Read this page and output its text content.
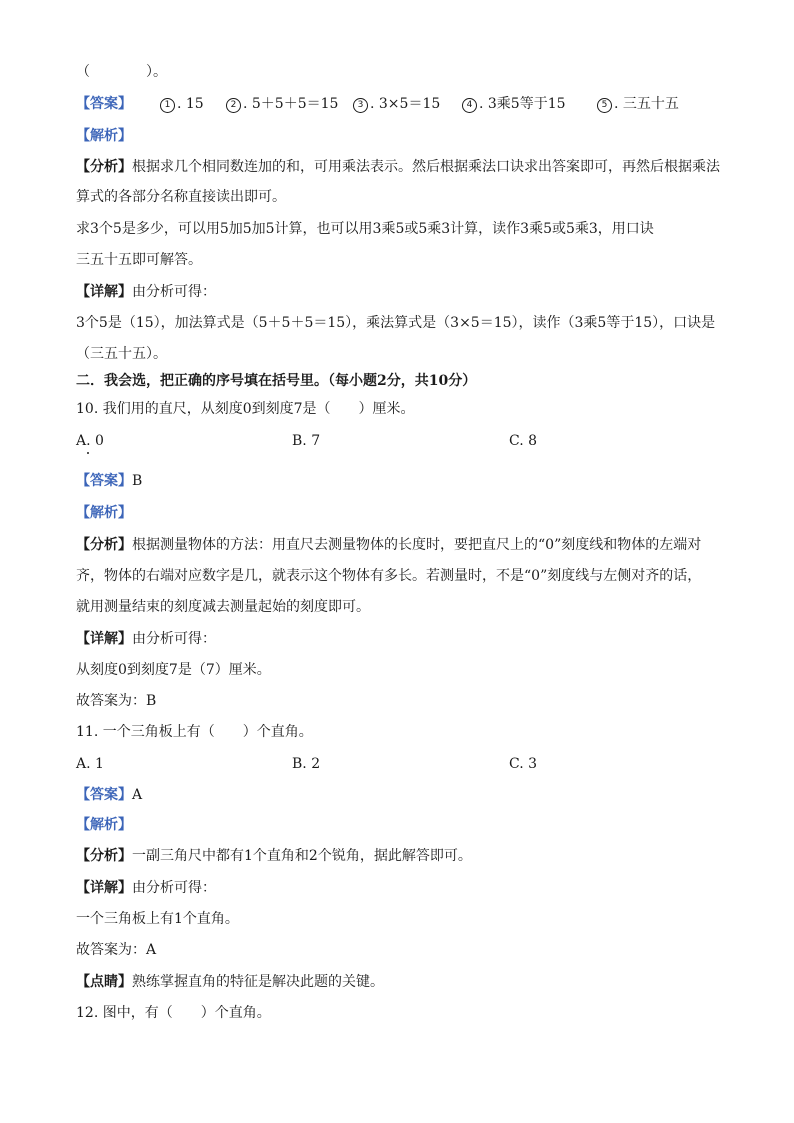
（　　　　）。
【答案】	1 . 15	2 . 5＋5＋5＝15	3 . 3×5＝15	4 . 3乘5等于15	5 . 三五十五
【解析】
【分析】根据求几个相同数连加的和，可用乘法表示。然后根据乘法口诀求出答案即可，再然后根据乘法
算式的各部分名称直接读出即可。
求3个5是多少，可以用5加5加5计算，也可以用3乘5或5乘3计算，读作3乘5或5乘3，用口诀
三五十五即可解答。
【详解】由分析可得：
3个5是（15），加法算式是（5＋5＋5＝15），乘法算式是（3×5＝15），读作（3乘5等于15），口诀是
（三五十五）。
二．我会选，把正确的序号填在括号里。（每小题2分，共10分）
10. 我们用的直尺，从刻度0到刻度7是（　　）厘米。
A. 0	B. 7	C. 8
【答案】B
【解析】
【分析】根据测量物体的方法：用直尺去测量物体的长度时，要把直尺上的“0”刻度线和物体的左端对
齐，物体的右端对应数字是几，就表示这个物体有多长。若测量时，不是“0”刻度线与左侧对齐的话，
就用测量结束的刻度减去测量起始的刻度即可。
【详解】由分析可得：
从刻度0到刻度7是（7）厘米。
故答案为：B
11. 一个三角板上有（　　）个直角。
A. 1	B. 2	C. 3
【答案】A
【解析】
【分析】一副三角尺中都有1个直角和2个锐角，据此解答即可。
【详解】由分析可得：
一个三角板上有1个直角。
故答案为：A
【点睛】熟练掌握直角的特征是解决此题的关键。
12. 图中，有（　　）个直角。
